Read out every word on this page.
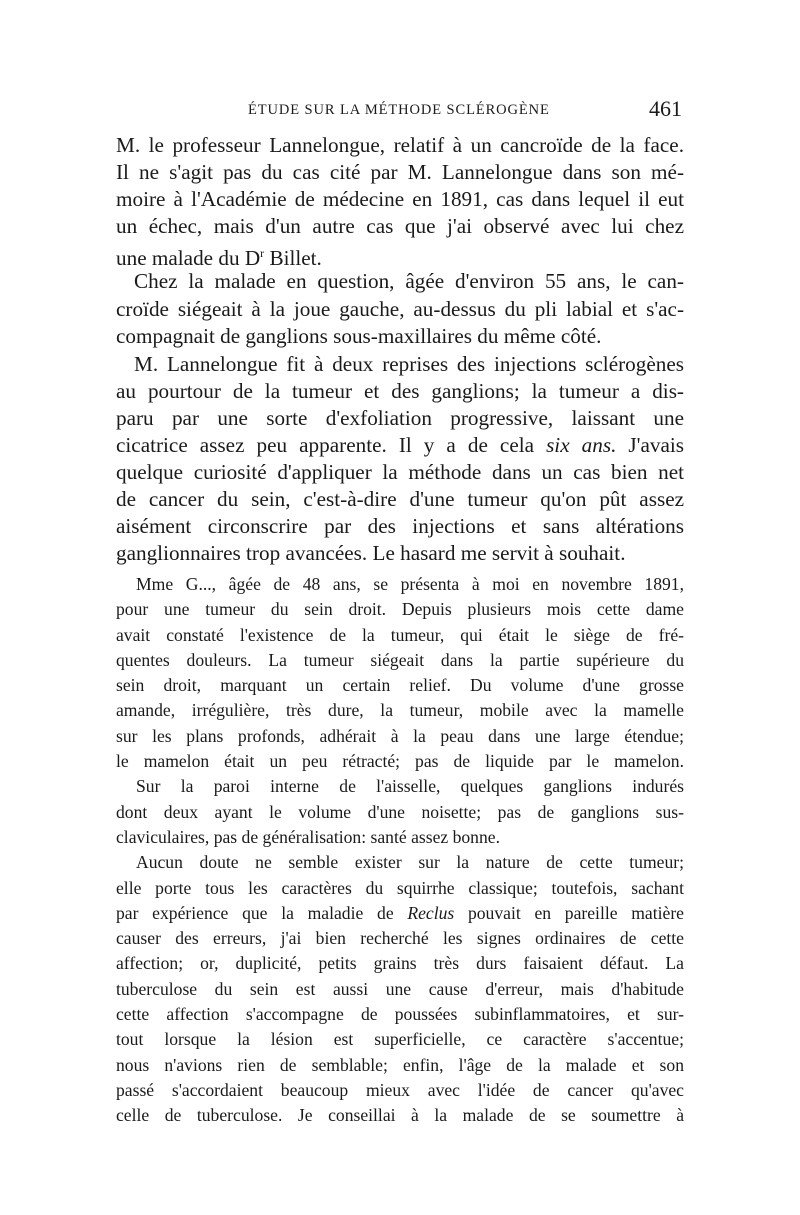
ÉTUDE SUR LA MÉTHODE SCLÉROGÈNE	461
M. le professeur Lannelongue, relatif à un cancroïde de la face.
Il ne s'agit pas du cas cité par M. Lannelongue dans son mé-
moire à l'Académie de médecine en 1891, cas dans lequel il eut
un échec, mais d'un autre cas que j'ai observé avec lui chez
une malade du $D^r$ Billet.
Chez la malade en question, âgée d'environ 55 ans, le can-
croïde siégeait à la joue gauche, au-dessus du pli labial et s'ac-
compagnait de ganglions sous-maxillaires du même côté.
M. Lannelongue fit à deux reprises des injections sclérogènes
au pourtour de la tumeur et des ganglions; la tumeur a dis-
paru par une sorte d'exfoliation progressive, laissant une
cicatrice assez peu apparente. Il y a de cela six ans. J'avais
quelque curiosité d'appliquer la méthode dans un cas bien net
de cancer du sein, c'est-à-dire d'une tumeur qu'on pût assez
aisément circonscrire par des injections et sans altérations
ganglionnaires trop avancées. Le hasard me servit à souhait.
Mme G..., âgée de 48 ans, se présenta à moi en novembre 1891,
pour une tumeur du sein droit. Depuis plusieurs mois cette dame
avait constaté l'existence de la tumeur, qui était le siège de fré-
quentes douleurs. La tumeur siégeait dans la partie supérieure du
sein droit, marquant un certain relief. Du volume d'une grosse
amande, irrégulière, très dure, la tumeur, mobile avec la mamelle
sur les plans profonds, adhérait à la peau dans une large étendue;
le mamelon était un peu rétracté; pas de liquide par le mamelon.
Sur la paroi interne de l'aisselle, quelques ganglions indurés
dont deux ayant le volume d'une noisette; pas de ganglions sus-
claviculaires, pas de généralisation: santé assez bonne.
Aucun doute ne semble exister sur la nature de cette tumeur;
elle porte tous les caractères du squirrhe classique; toutefois, sachant
par expérience que la maladie de Reclus pouvait en pareille matière
causer des erreurs, j'ai bien recherché les signes ordinaires de cette
affection; or, duplicité, petits grains très durs faisaient défaut. La
tuberculose du sein est aussi une cause d'erreur, mais d'habitude
cette affection s'accompagne de poussées subinflammatoires, et sur-
tout lorsque la lésion est superficielle, ce caractère s'accentue;
nous n'avions rien de semblable; enfin, l'âge de la malade et son
passé s'accordaient beaucoup mieux avec l'idée de cancer qu'avec
celle de tuberculose. Je conseillai à la malade de se soumettre à
